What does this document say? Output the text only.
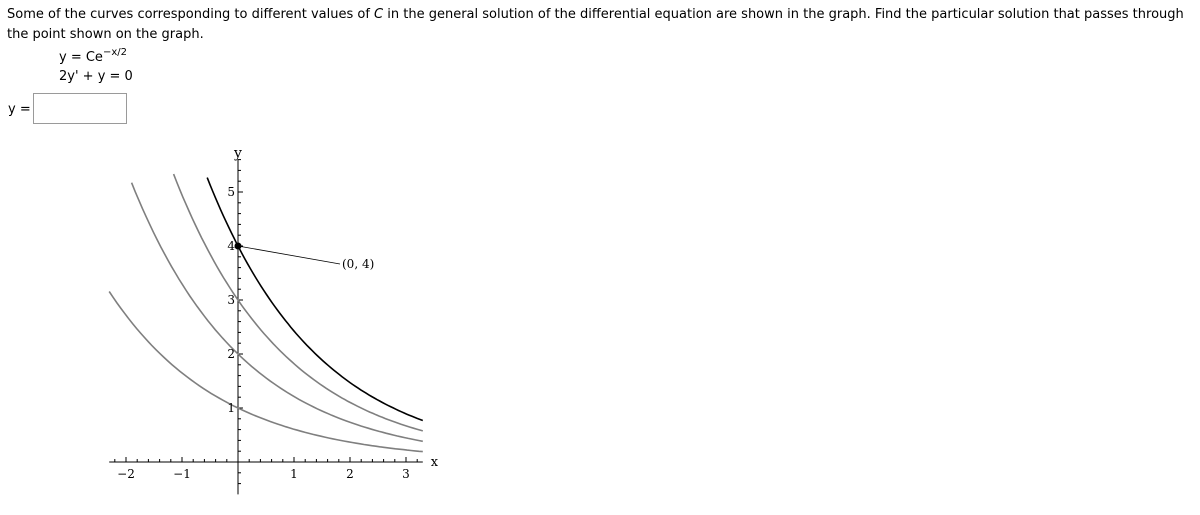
Some of the curves corresponding to different values of C in the general solution of the differential equation are shown in the graph. Find the particular solution that passes through the point shown on the graph.

$y = Ce^{-x/2}$
2y' + y = 0
y =
(0, 4)
−2	−1	1	2	3
1
2
3
4
5
x
y
